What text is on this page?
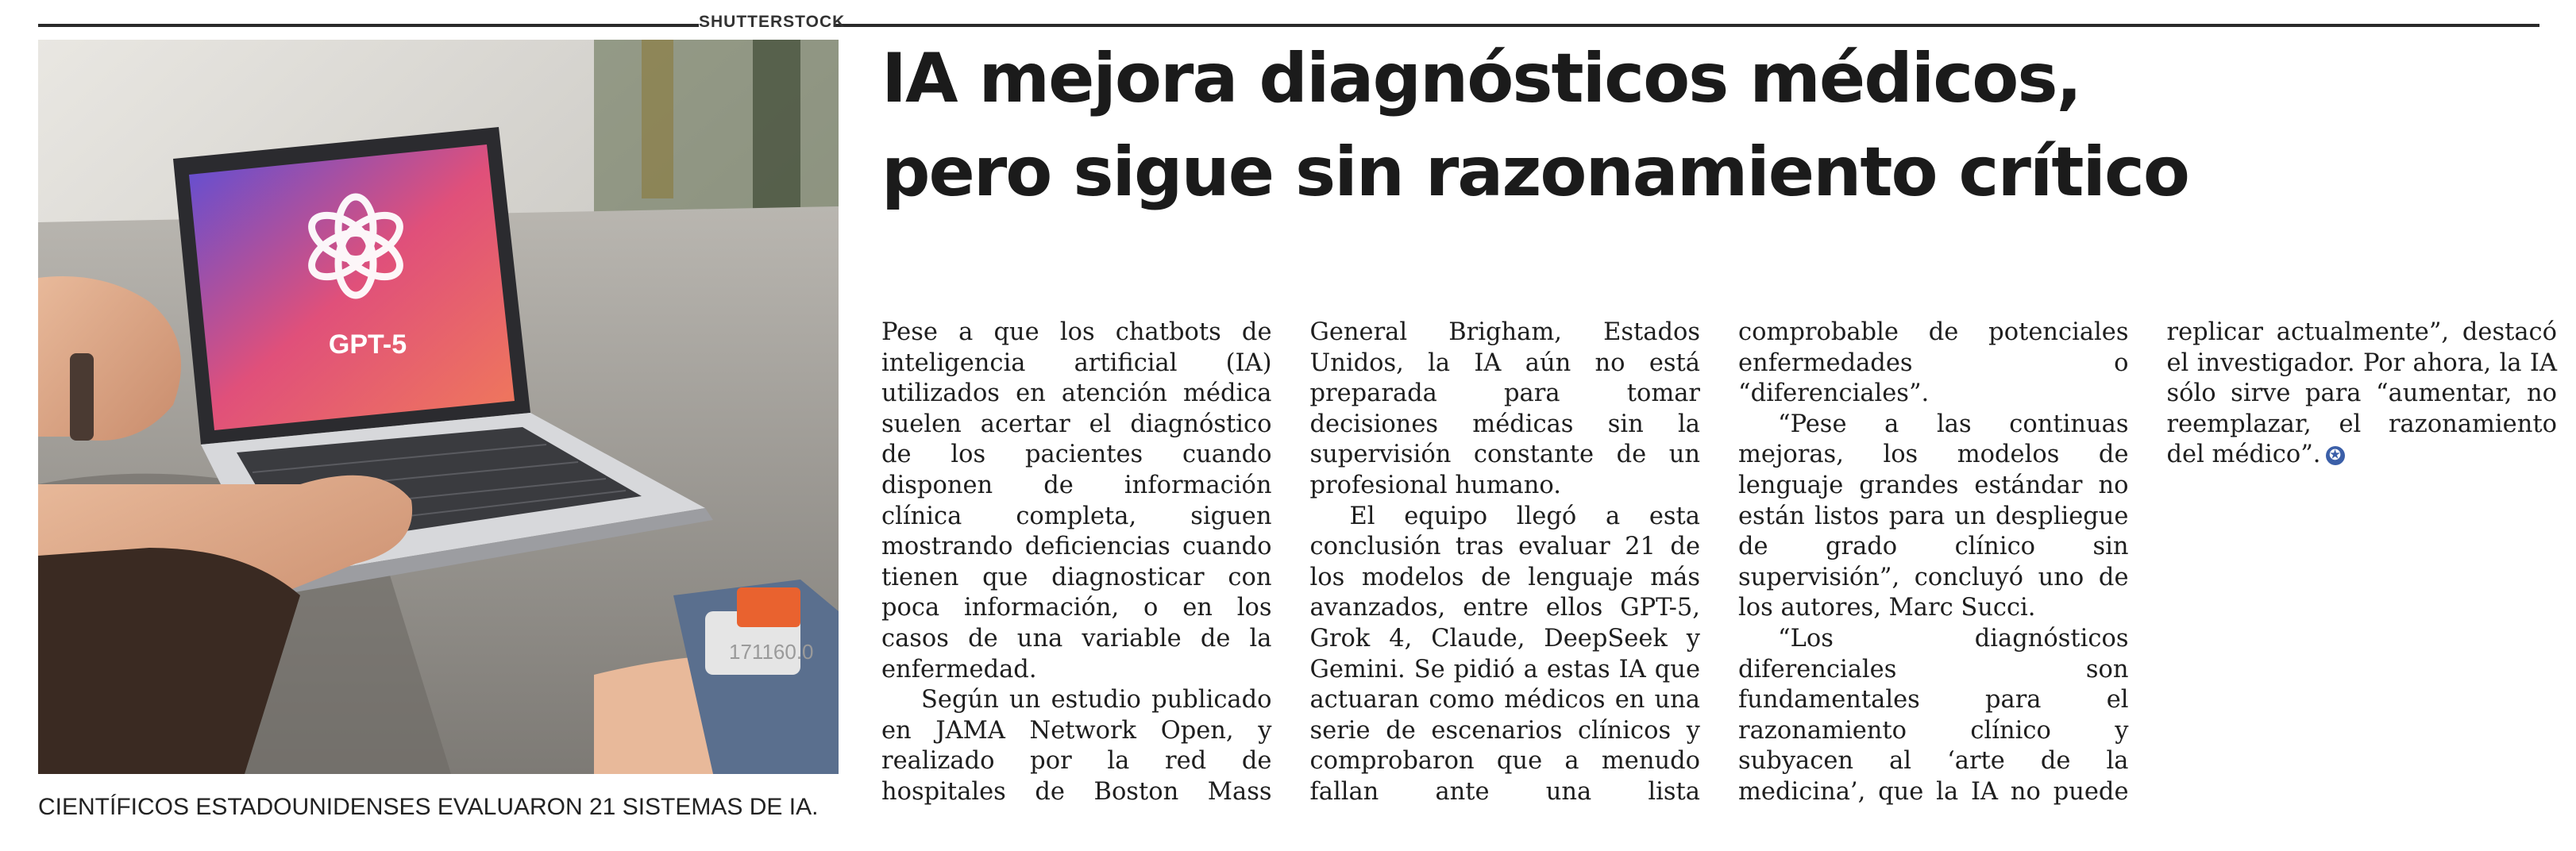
SHUTTERSTOCK
GPT-5
171160.0
CIENTÍFICOS ESTADOUNIDENSES EVALUARON 21 SISTEMAS DE IA.
IA mejora diagnósticos médicos,
pero sigue sin razonamiento crítico

Pese a que los chatbots de inteligencia artificial (IA) utilizados en atención médica suelen acertar el diagnóstico de los pacientes cuando disponen de información clínica completa, siguen mostrando deficiencias cuando tienen que diagnosticar con poca información, o en los casos de una variable de la enfermedad.

Según un estudio publicado en JAMA Network Open, y realizado por la red de hospitales de Boston Mass General Brigham, Estados Unidos, la IA aún no está preparada para tomar decisiones médicas sin la supervisión constante de un profesional humano.

El equipo llegó a esta conclusión tras evaluar 21 de los modelos de lenguaje más avanzados, entre ellos GPT-5, Grok 4, Claude, DeepSeek y Gemini. Se pidió a estas IA que actuaran como médicos en una serie de escenarios clínicos y comprobaron que a menudo fallan ante una lista comprobable de potenciales enfermedades o “diferenciales”.

“Pese a las continuas mejoras, los modelos de lenguaje grandes estándar no están listos para un despliegue de grado clínico sin supervisión”, concluyó uno de los autores, Marc Succi.

“Los diagnósticos diferenciales son fundamentales para el razonamiento clínico y subyacen al ‘arte de la medicina’, que la IA no puede replicar actualmente”, destacó el investigador. Por ahora, la IA sólo sirve para “aumentar, no reemplazar, el razonamiento del médico”. ✪
